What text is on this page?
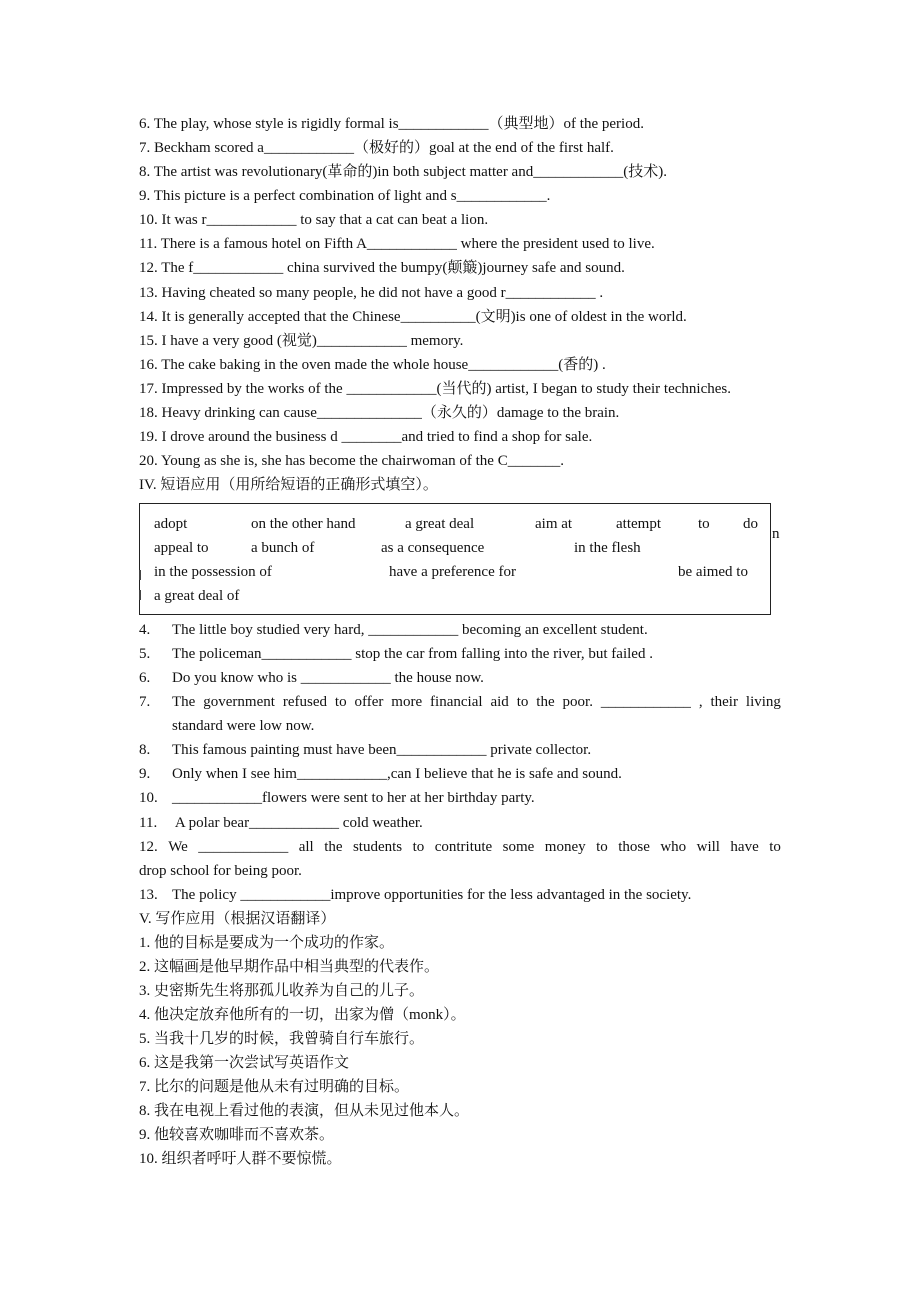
6. The play, whose style is rigidly formal is____________（典型地）of the period.
7. Beckham scored a____________（极好的）goal at the end of the first half.
8. The artist was revolutionary(革命的)in both subject matter and____________(技术).
9. This picture is a perfect combination of light and s____________.
10. It was r____________ to say that a cat can beat a lion.
11. There is a famous hotel on Fifth A____________ where the president used to live.
12. The f____________ china survived the bumpy(颠簸)journey safe and sound.
13. Having cheated so many people, he did not have a good r____________ .
14. It is generally accepted that the Chinese__________(文明)is one of oldest in the world.
15. I have a very good (视觉)____________ memory.
16. The cake baking in the oven made the whole house____________(香的) .
17. Impressed by the works of the ____________(当代的) artist, I began to study their techniches.
18. Heavy drinking can cause______________（永久的）damage to the brain.
19. I drove around the business d ________and tried to find a shop for sale.
20. Young as she is, she has become the chairwoman of the C_______.
IV. 短语应用（用所给短语的正确形式填空）。
adopt	on the other hand	a great deal	aim at	attempt to do
appeal to	a bunch of	as a consequence	in the flesh
in the possession of	have a preference for	be aimed to
a great deal of
n
4. The little boy studied very hard, ____________ becoming an excellent student.
5. The policeman____________ stop the car from falling into the river, but failed .
6. Do you know who is ____________ the house now.
7.	The government refused to offer more financial aid to the poor. ____________ , their living
standard were low now.
8. This famous painting must have been____________ private collector.
9. Only when I see him____________,can I believe that he is safe and sound.
10. ____________flowers were sent to her at her birthday party.
11. A polar bear____________ cold weather.
12. We ____________ all the students to contritute some money to those who will have to
drop school for being poor.
13. The policy ____________improve opportunities for the less advantaged in the society.
V. 写作应用（根据汉语翻译）
1. 他的目标是要成为一个成功的作家。
2. 这幅画是他早期作品中相当典型的代表作。
3. 史密斯先生将那孤儿收养为自己的儿子。
4. 他决定放弃他所有的一切，出家为僧（monk）。
5. 当我十几岁的时候，我曾骑自行车旅行。
6. 这是我第一次尝试写英语作文
7. 比尔的问题是他从未有过明确的目标。
8. 我在电视上看过他的表演，但从未见过他本人。
9. 他较喜欢咖啡而不喜欢茶。
10. 组织者呼吁人群不要惊慌。
